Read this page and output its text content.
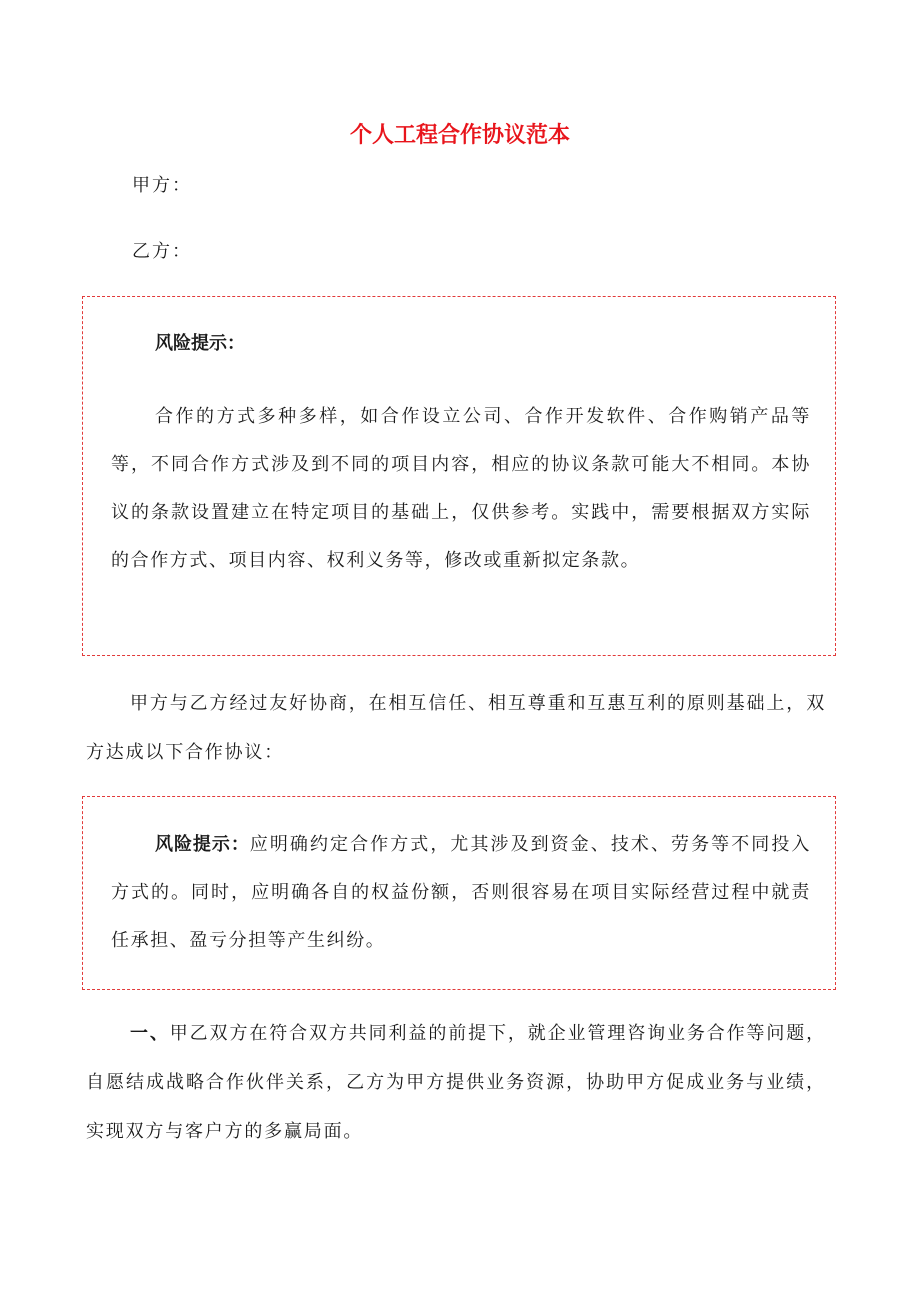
个人工程合作协议范本
甲方：
乙方：
风险提示：
合作的方式多种多样，如合作设立公司、合作开发软件、合作购销产品等等，不同合作方式涉及到不同的项目内容，相应的协议条款可能大不相同。本协议的条款设置建立在特定项目的基础上，仅供参考。实践中，需要根据双方实际的合作方式、项目内容、权利义务等，修改或重新拟定条款。
甲方与乙方经过友好协商，在相互信任、相互尊重和互惠互利的原则基础上，双方达成以下合作协议：
风险提示：应明确约定合作方式，尤其涉及到资金、技术、劳务等不同投入方式的。同时，应明确各自的权益份额，否则很容易在项目实际经营过程中就责任承担、盈亏分担等产生纠纷。
一、甲乙双方在符合双方共同利益的前提下，就企业管理咨询业务合作等问题，自愿结成战略合作伙伴关系，乙方为甲方提供业务资源，协助甲方促成业务与业绩，实现双方与客户方的多赢局面。
